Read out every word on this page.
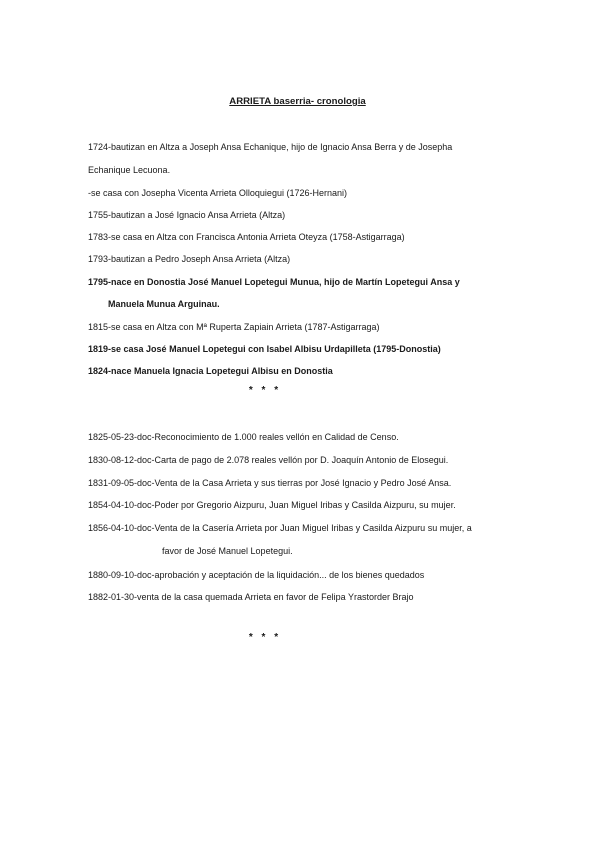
ARRIETA baserria- cronologia
1724-bautizan en Altza a Joseph Ansa Echanique, hijo de Ignacio Ansa Berra y de Josepha
Echanique Lecuona.
-se casa con Josepha Vicenta Arrieta Olloquiegui (1726-Hernani)
1755-bautizan a José Ignacio Ansa Arrieta (Altza)
1783-se casa en Altza con Francisca Antonia Arrieta Oteyza (1758-Astigarraga)
1793-bautizan a Pedro Joseph Ansa Arrieta (Altza)
1795-nace en Donostia José Manuel Lopetegui Munua, hijo de Martín Lopetegui Ansa y
Manuela Munua Arguinau.
1815-se casa en Altza con Mª Ruperta Zapiain Arrieta (1787-Astigarraga)
1819-se casa José Manuel Lopetegui con Isabel Albisu Urdapilleta (1795-Donostia)
1824-nace Manuela Ignacia Lopetegui Albisu en Donostia
* * *
1825-05-23-doc-Reconocimiento de 1.000 reales vellón en Calidad de Censo.
1830-08-12-doc-Carta de pago de 2.078 reales vellón por D. Joaquín Antonio de Elosegui.
1831-09-05-doc-Venta de la Casa Arrieta y sus tierras por José Ignacio y Pedro José Ansa.
1854-04-10-doc-Poder por Gregorio Aizpuru, Juan Miguel Iribas y Casilda Aizpuru, su mujer.
1856-04-10-doc-Venta de la Casería Arrieta por Juan Miguel Iribas y Casilda Aizpuru su mujer, a
favor de José Manuel Lopetegui.
1880-09-10-doc-aprobación y aceptación de la liquidación... de los bienes quedados
1882-01-30-venta de la casa quemada Arrieta en favor de Felipa Yrastorder Brajo
* * *
